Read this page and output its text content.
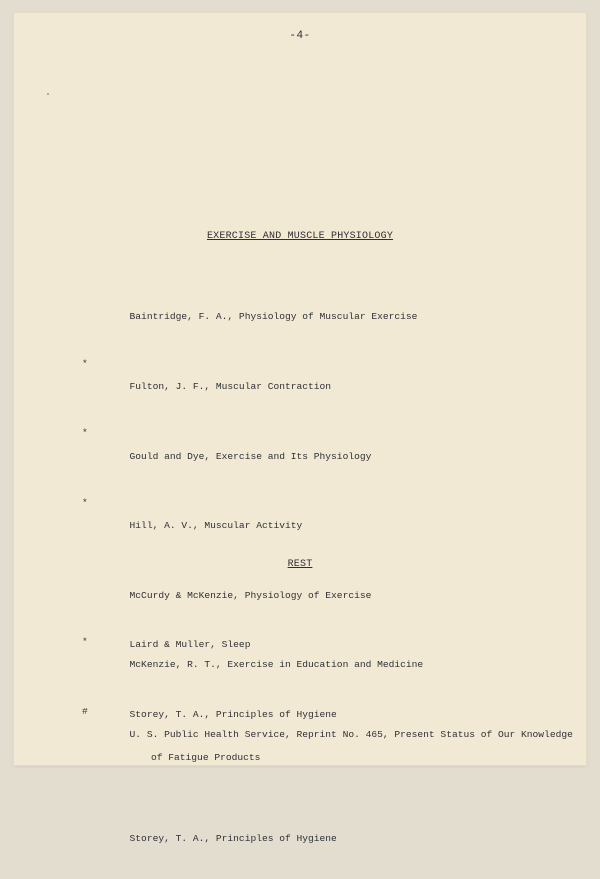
-4-
EXERCISE AND MUSCLE PHYSIOLOGY

Baintridge, F. A., Physiology of Muscular Exercise

*

Fulton, J. F., Muscular Contraction

*

Gould and Dye, Exercise and Its Physiology

*

Hill, A. V., Muscular Activity

McCurdy & McKenzie, Physiology of Exercise

*

McKenzie, R. T., Exercise in Education and Medicine

#

U. S. Public Health Service, Reprint No. 465, Present Status of Our Knowledge

of Fatigue Products

Storey, T. A., Principles of Hygiene

REST

Laird & Muller, Sleep

Storey, T. A., Principles of Hygiene
